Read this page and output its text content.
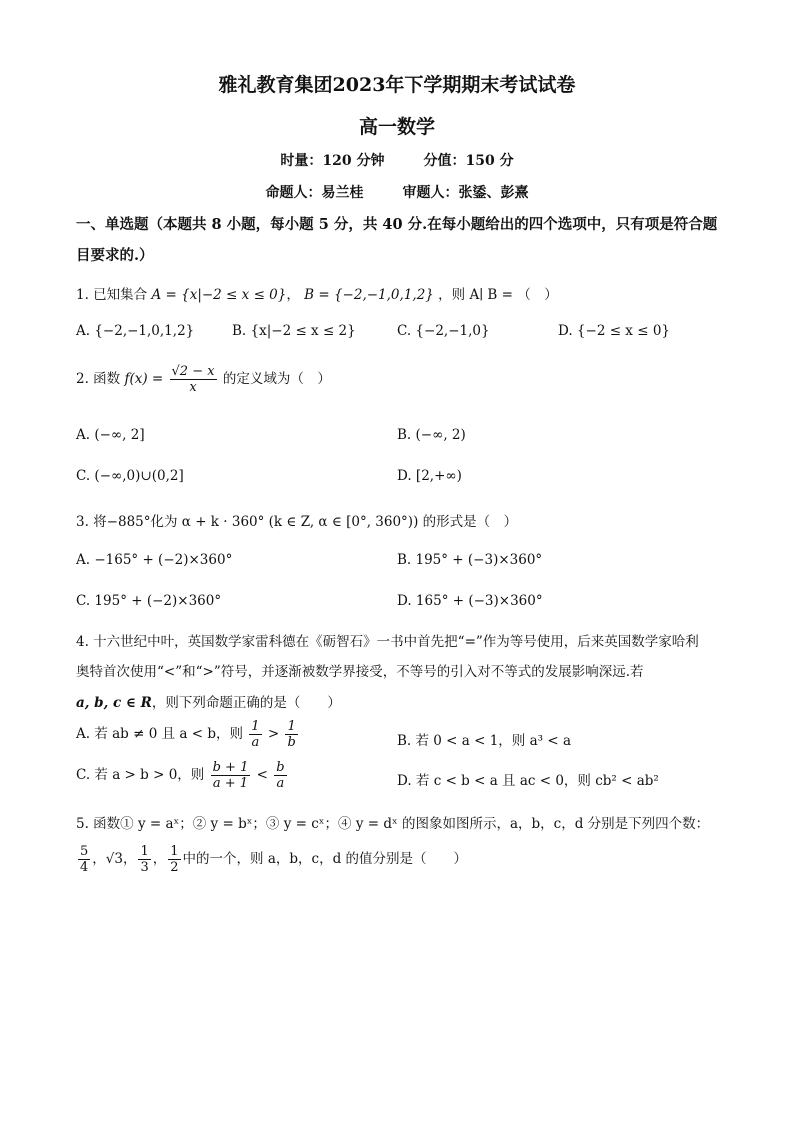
雅礼教育集团2023年下学期期末考试试卷
高一数学
时量：120 分钟	分值：150 分
命题人：易兰桂	审题人：张鋈、彭熹
一、单选题（本题共 8 小题，每小题 5 分，共 40 分.在每小题给出的四个选项中，只有项是符合题目要求的.）
1. 已知集合 A = {x|−2 ≤ x ≤ 0}， B = {−2,−1,0,1,2} ，则 A∣ B = （　）
A. {−2,−1,0,1,2}	B. {x|−2 ≤ x ≤ 2}	C. {−2,−1,0}	D. {−2 ≤ x ≤ 0}
2. 函数 $f(x) = \frac{√2 - x}{x}$ 的定义域为（　）
A. (−∞, 2]	B. (−∞, 2)
C. (−∞,0)∪(0,2]	D. [2,+∞)
3. 将−885°化为 α + k · 360° (k ∈ Z, α ∈ [0°, 360°)) 的形式是（　）
A. −165° + (−2)×360°	B. 195° + (−3)×360°
C. 195° + (−2)×360°	D. 165° + (−3)×360°
4. 十六世纪中叶，英国数学家雷科德在《砺智石》一书中首先把“=”作为等号使用，后来英国数学家哈利
奥特首次使用“<”和“>”符号，并逐渐被数学界接受，不等号的引入对不等式的发展影响深远.若
a, b, c ∈ R，则下列命题正确的是（　　）
A. 若 ab ≠ 0 且 a < b，则 $\frac{1}{a} > \frac{1}{b}$	B. 若 0 < a < 1，则 a³ < a
C. 若 a > b > 0，则 $\frac{b + 1}{a + 1} < \frac{b}{a}$	D. 若 c < b < a 且 ac < 0，则 cb² < ab²
5. 函数① y = aˣ；② y = bˣ；③ y = cˣ；④ y = dˣ 的图象如图所示，a，b，c，d 分别是下列四个数：
$\frac{5}{4}$ ，√3， $\frac{1}{3}$ ， $\frac{1}{2}$ 中的一个，则 a，b，c，d 的值分别是（　　）
